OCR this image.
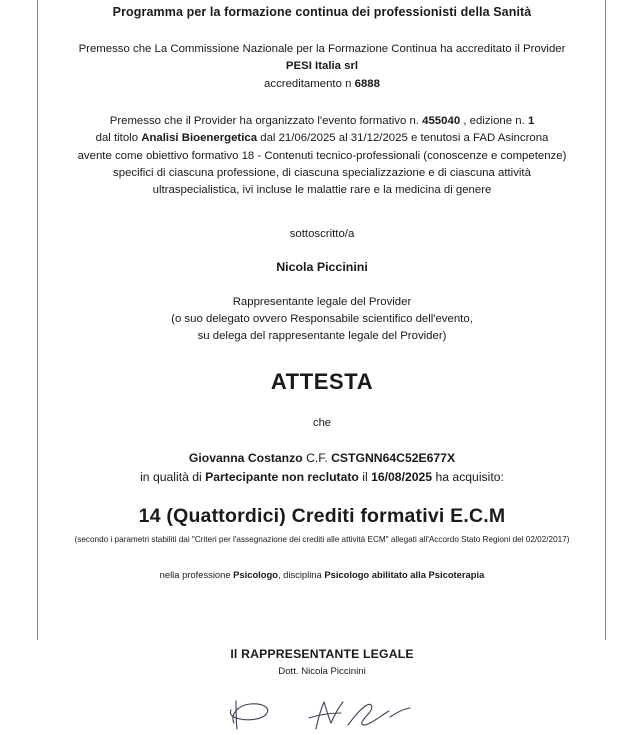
Programma per la formazione continua dei professionisti della Sanità
Premesso che La Commissione Nazionale per la Formazione Continua ha accreditato il Provider
PESI Italia srl
accreditamento n 6888
Premesso che il Provider ha organizzato l'evento formativo n. 455040 , edizione n. 1
dal titolo Analisi Bioenergetica dal 21/06/2025 al 31/12/2025 e tenutosi a FAD Asincrona
avente come obiettivo formativo 18 - Contenuti tecnico-professionali (conoscenze e competenze)
specifici di ciascuna professione, di ciascuna specializzazione e di ciascuna attività
ultraspecialistica, ivi incluse le malattie rare e la medicina di genere
sottoscritto/a
Nicola Piccinini
Rappresentante legale del Provider
(o suo delegato ovvero Responsabile scientifico dell'evento,
su delega del rappresentante legale del Provider)
ATTESTA
che
Giovanna Costanzo C.F. CSTGNN64C52E677X
in qualità di Partecipante non reclutato il 16/08/2025 ha acquisito:
14 (Quattordici) Crediti formativi E.C.M
(secondo i parametri stabiliti dai "Criteri per l'assegnazione dei crediti alle attività ECM" allegati all'Accordo Stato Regioni del 02/02/2017)
nella professione Psicologo, disciplina Psicologo abilitato alla Psicoterapia
Il RAPPRESENTANTE LEGALE
Dott. Nicola Piccinini
